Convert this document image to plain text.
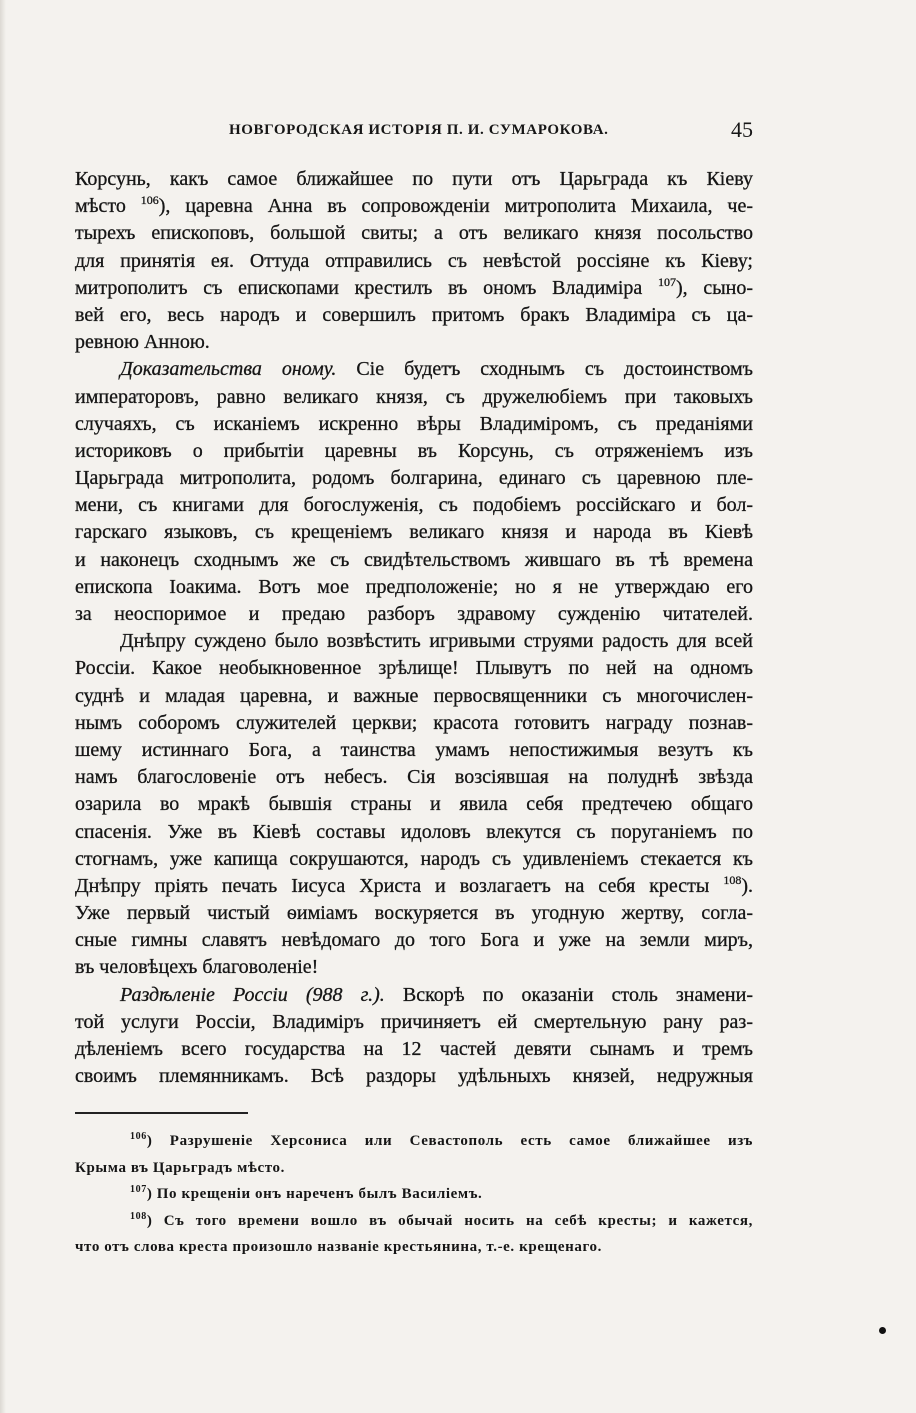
НОВГОРОДСКАЯ ИСТОРІЯ П. И. СУМАРОКОВА.	45
Корсунь, какъ самое ближайшее по пути отъ Царьграда къ Кіеву
мѣсто $^{106}$), царевна Анна въ сопровожденіи митрополита Михаила, че-
тырехъ епископовъ, большой свиты; а отъ великаго князя посольство
для принятія ея. Оттуда отправились съ невѣстой россіяне къ Кіеву;
митрополитъ съ епископами крестилъ въ ономъ Владиміра $^{107}$), сыно-
вей его, весь народъ и совершилъ притомъ бракъ Владиміра съ ца-
ревною Анною.
Доказательства оному. Сіе будетъ сходнымъ съ достоинствомъ
императоровъ, равно великаго князя, съ дружелюбіемъ при таковыхъ
случаяхъ, съ исканіемъ искренно вѣры Владиміромъ, съ преданіями
историковъ о прибытіи царевны въ Корсунь, съ отряженіемъ изъ
Царьграда митрополита, родомъ болгарина, единаго съ царевною пле-
мени, съ книгами для богослуженія, съ подобіемъ россійскаго и бол-
гарскаго языковъ, съ крещеніемъ великаго князя и народа въ Кіевѣ
и наконецъ сходнымъ же съ свидѣтельствомъ жившаго въ тѣ времена
епископа Іоакима. Вотъ мое предположеніе; но я не утверждаю его
за неоспоримое и предаю разборъ здравому сужденію читателей.
Днѣпру суждено было возвѣстить игривыми струями радость для всей
Россіи. Какое необыкновенное зрѣлище! Плывутъ по ней на одномъ
суднѣ и младая царевна, и важные первосвященники съ многочислен-
нымъ соборомъ служителей церкви; красота готовитъ награду познав-
шему истиннаго Бога, а таинства умамъ непостижимыя везутъ къ
намъ благословеніе отъ небесъ. Сія возсіявшая на полуднѣ звѣзда
озарила во мракѣ бывшія страны и явила себя предтечею общаго
спасенія. Уже въ Кіевѣ составы идоловъ влекутся съ поруганіемъ по
стогнамъ, уже капища сокрушаются, народъ съ удивленіемъ стекается къ
Днѣпру пріять печать Іисуса Христа и возлагаетъ на себя кресты $^{108}$).
Уже первый чистый ѳиміамъ воскуряется въ угодную жертву, согла-
сные гимны славятъ невѣдомаго до того Бога и уже на земли миръ,
въ человѣцехъ благоволеніе!
Раздѣленіе Россіи (988 г.). Вскорѣ по оказаніи столь знамени-
той услуги Россіи, Владиміръ причиняетъ ей смертельную рану раз-
дѣленіемъ всего государства на 12 частей девяти сынамъ и тремъ
своимъ племянникамъ. Всѣ раздоры удѣльныхъ князей, недружныя
$^{106}$) Разрушеніе Херсониса или Севастополь есть самое ближайшее изъ
Крыма въ Царьградъ мѣсто.
$^{107}$) По крещеніи онъ нареченъ былъ Василіемъ.
$^{108}$) Съ того времени вошло въ обычай носить на себѣ кресты; и кажется,
что отъ слова креста произошло названіе крестьянина, т.-е. крещенаго.
